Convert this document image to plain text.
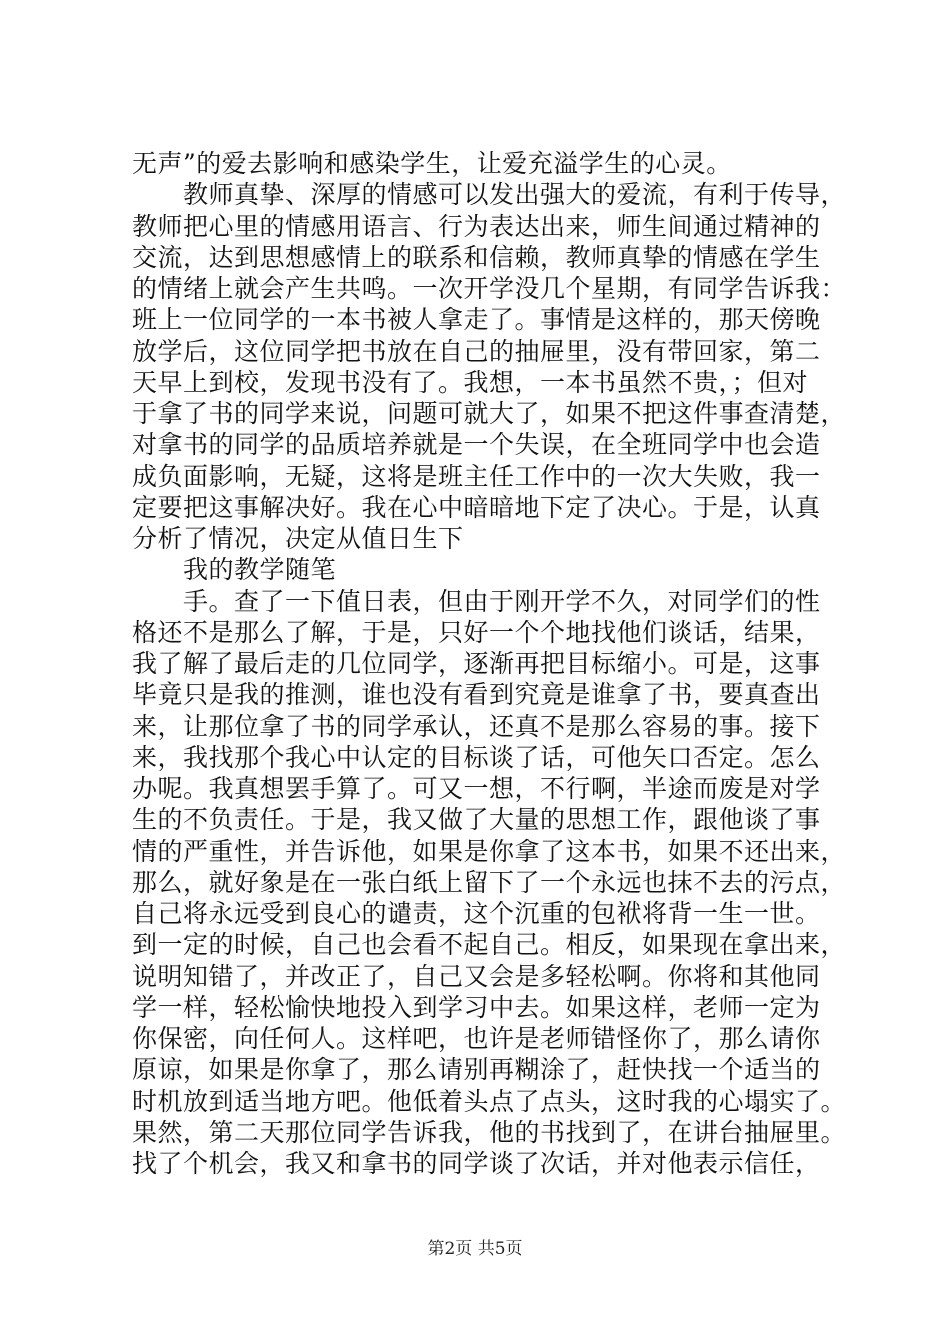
无声”的爱去影响和感染学生，让爱充溢学生的心灵。
　　教师真挚、深厚的情感可以发出强大的爱流，有利于传导，
教师把心里的情感用语言、行为表达出来，师生间通过精神的
交流，达到思想感情上的联系和信赖，教师真挚的情感在学生
的情绪上就会产生共鸣。一次开学没几个星期，有同学告诉我：
班上一位同学的一本书被人拿走了。事情是这样的，那天傍晚
放学后，这位同学把书放在自己的抽屉里，没有带回家，第二
天早上到校，发现书没有了。我想，一本书虽然不贵，；但对
于拿了书的同学来说，问题可就大了，如果不把这件事查清楚，
对拿书的同学的品质培养就是一个失误，在全班同学中也会造
成负面影响，无疑，这将是班主任工作中的一次大失败，我一
定要把这事解决好。我在心中暗暗地下定了决心。于是，认真
分析了情况，决定从值日生下
　　我的教学随笔
　　手。查了一下值日表，但由于刚开学不久，对同学们的性
格还不是那么了解，于是，只好一个个地找他们谈话，结果，
我了解了最后走的几位同学，逐渐再把目标缩小。可是，这事
毕竟只是我的推测，谁也没有看到究竟是谁拿了书，要真查出
来，让那位拿了书的同学承认，还真不是那么容易的事。接下
来，我找那个我心中认定的目标谈了话，可他矢口否定。怎么
办呢。我真想罢手算了。可又一想，不行啊，半途而废是对学
生的不负责任。于是，我又做了大量的思想工作，跟他谈了事
情的严重性，并告诉他，如果是你拿了这本书，如果不还出来，
那么，就好象是在一张白纸上留下了一个永远也抹不去的污点，
自己将永远受到良心的谴责，这个沉重的包袱将背一生一世。
到一定的时候，自己也会看不起自己。相反，如果现在拿出来，
说明知错了，并改正了，自己又会是多轻松啊。你将和其他同
学一样，轻松愉快地投入到学习中去。如果这样，老师一定为
你保密，向任何人。这样吧，也许是老师错怪你了，那么请你
原谅，如果是你拿了，那么请别再糊涂了，赶快找一个适当的
时机放到适当地方吧。他低着头点了点头，这时我的心塌实了。
果然，第二天那位同学告诉我，他的书找到了，在讲台抽屉里。
找了个机会，我又和拿书的同学谈了次话，并对他表示信任，
第2页 共5页
